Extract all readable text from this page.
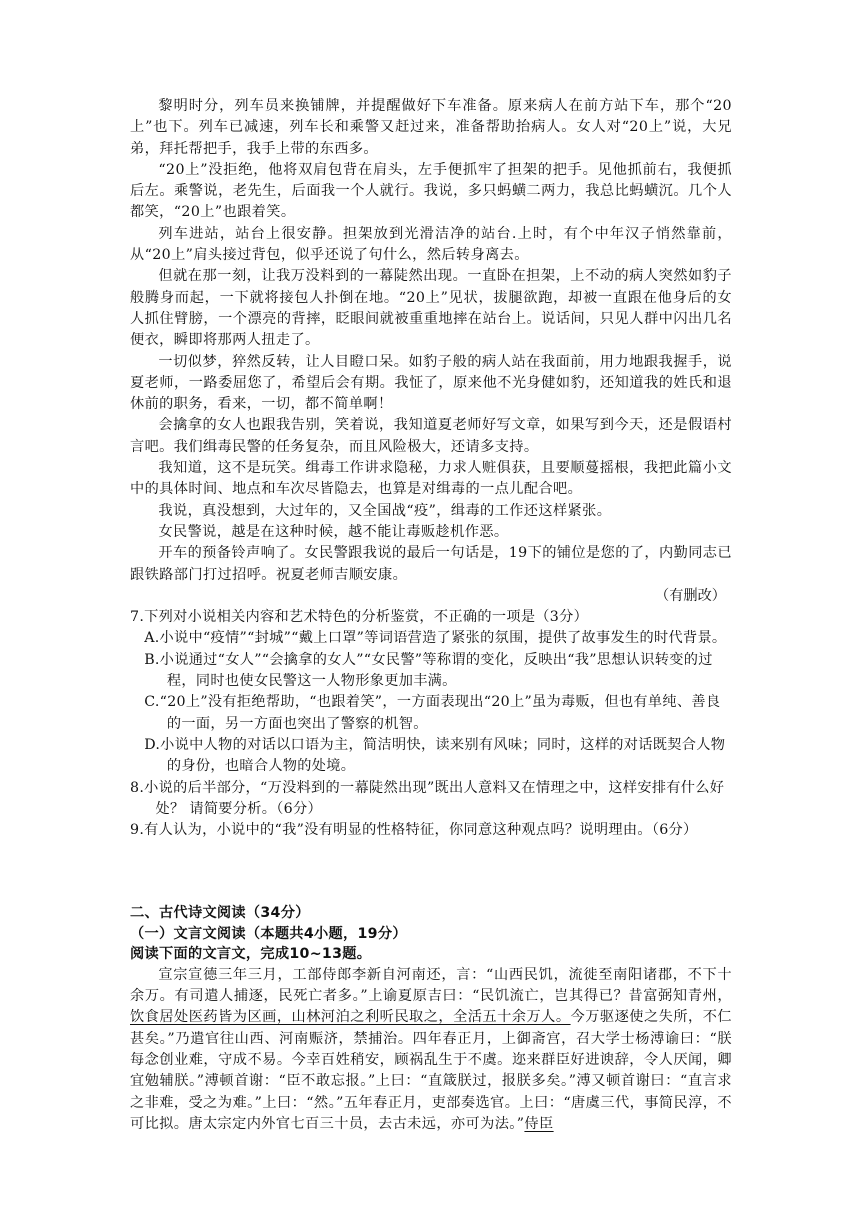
黎明时分，列车员来换铺牌，并提醒做好下车准备。原来病人在前方站下车，那个“20上”也下。列车已减速，列车长和乘警又赶过来，准备帮助抬病人。女人对“20上”说，大兄弟，拜托帮把手，我手上带的东西多。

“20上”没拒绝，他将双肩包背在肩头，左手便抓牢了担架的把手。见他抓前右，我便抓后左。乘警说，老先生，后面我一个人就行。我说，多只蚂蟥二两力，我总比蚂蟥沉。几个人都笑，“20上”也跟着笑。

列车进站，站台上很安静。担架放到光滑洁净的站台.上时，有个中年汉子悄然靠前，从“20上”肩头接过背包，似乎还说了句什么，然后转身离去。

但就在那一刻，让我万没料到的一幕陡然出现。一直卧在担架，上不动的病人突然如豹子般腾身而起，一下就将接包人扑倒在地。“20上”见状，拔腿欲跑，却被一直跟在他身后的女人抓住臂膀，一个漂亮的背摔，眨眼间就被重重地摔在站台上。说话间，只见人群中闪出几名便衣，瞬即将那两人扭走了。

一切似梦，猝然反转，让人目瞪口呆。如豹子般的病人站在我面前，用力地跟我握手，说夏老师，一路委屈您了，希望后会有期。我怔了，原来他不光身健如豹，还知道我的姓氏和退休前的职务，看来，一切，都不简单啊！

会擒拿的女人也跟我告别，笑着说，我知道夏老师好写文章，如果写到今天，还是假语村言吧。我们缉毒民警的任务复杂，而且风险极大，还请多支持。

我知道，这不是玩笑。缉毒工作讲求隐秘，力求人赃俱获，且要顺蔓摇根，我把此篇小文中的具体时间、地点和车次尽皆隐去，也算是对缉毒的一点儿配合吧。

我说，真没想到，大过年的，又全国战“疫”，缉毒的工作还这样紧张。

女民警说，越是在这种时候，越不能让毒贩趁机作恶。

开车的预备铃声响了。女民警跟我说的最后一句话是，19下的铺位是您的了，内勤同志已跟铁路部门打过招呼。祝夏老师吉顺安康。

（有删改）

7.下列对小说相关内容和艺术特色的分析鉴赏，不正确的一项是（3分）

A.小说中“疫情”“封城”“戴上口罩”等词语营造了紧张的氛围，提供了故事发生的时代背景。

B.小说通过“女人”“会擒拿的女人”“女民警”等称谓的变化，反映出“我”思想认识转变的过程，同时也使女民警这一人物形象更加丰满。

C.“20上”没有拒绝帮助，“也跟着笑”，一方面表现出“20上”虽为毒贩，但也有单纯、善良的一面，另一方面也突出了警察的机智。

D.小说中人物的对话以口语为主，简洁明快，读来别有风味；同时，这样的对话既契合人物的身份，也暗合人物的处境。

8.小说的后半部分，“万没料到的一幕陡然出现”既出人意料又在情理之中，这样安排有什么好处？ 请简要分析。（6分）

9.有人认为，小说中的“我”没有明显的性格特征，你同意这种观点吗？说明理由。（6分）

二、古代诗文阅读（34分）

（一）文言文阅读（本题共4小题，19分）

阅读下面的文言文，完成10~13题。

宣宗宣德三年三月，工部侍郎李新自河南还，言：“山西民饥，流徙至南阳诸郡，不下十余万。有司遣人捕逐，民死亡者多。”上谕夏原吉曰：“民饥流亡，岂其得已？昔富弼知青州，饮食居处医药皆为区画，山林河泊之利听民取之，全活五十余万人。今万驱逐使之失所，不仁甚矣。”乃遣官往山西、河南赈济，禁捕治。四年春正月，上御斋宫，召大学士杨溥谕曰：“朕每念创业难，守成不易。今幸百姓稍安，顾祸乱生于不虞。迩来群臣好进谀辞，令人厌闻，卿宜勉辅朕。”溥顿首谢：“臣不敢忘报。”上曰：“直箴朕过，报朕多矣。”溥又顿首谢曰：“直言求之非难，受之为难。”上曰：“然。”五年春正月，吏部奏选官。上曰：“唐虞三代，事简民淳，不可比拟。唐太宗定内外官七百三十员，去古未远，亦可为法。”侍臣
